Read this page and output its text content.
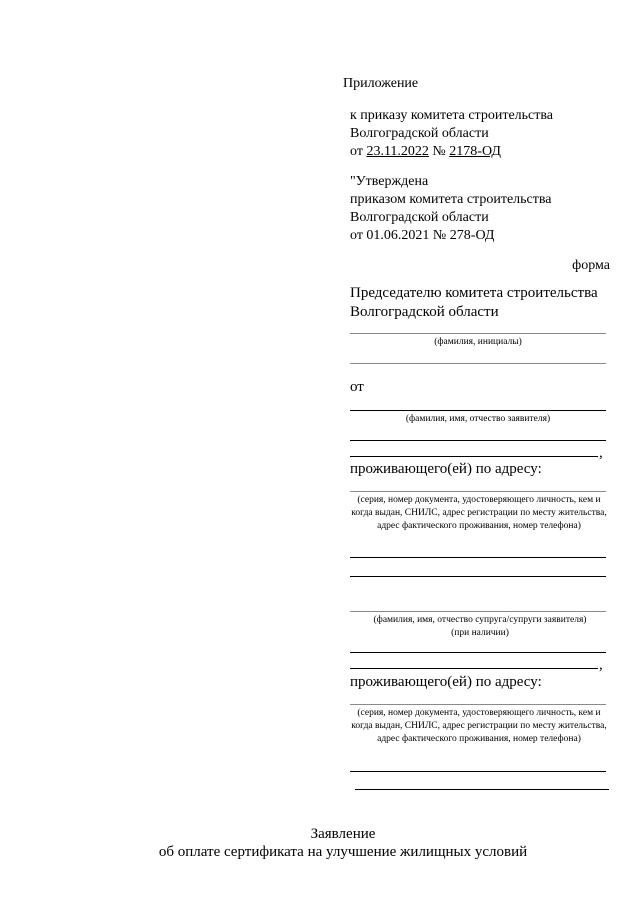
Приложение
к приказу комитета строительства
Волгоградской области
от 23.11.2022 № 2178-ОД
"Утверждена
приказом комитета строительства
Волгоградской области
от 01.06.2021 № 278-ОД
форма
Председателю комитета строительства
Волгоградской области
(фамилия, инициалы)
от
(фамилия, имя, отчество заявителя)
,
проживающего(ей) по адресу:
(серия, номер документа, удостоверяющего личность, кем и когда выдан, СНИЛС, адрес регистрации по месту жительства, адрес фактического проживания, номер телефона)
(фамилия, имя, отчество супруга/супруги заявителя)
(при наличии)
,
проживающего(ей) по адресу:
(серия, номер документа, удостоверяющего личность, кем и когда выдан, СНИЛС, адрес регистрации по месту жительства, адрес фактического проживания, номер телефона)
Заявление
об оплате сертификата на улучшение жилищных условий
